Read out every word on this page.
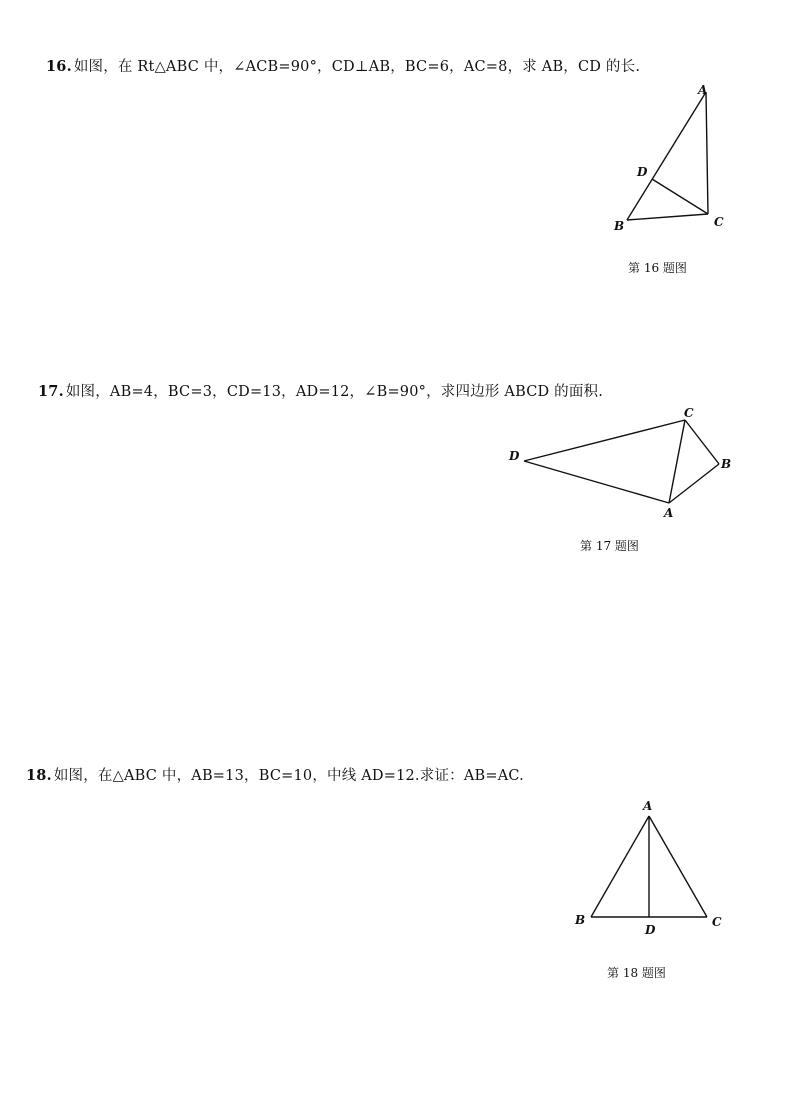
16. 如图，在 Rt△ABC 中，∠ACB=90°，CD⊥AB，BC=6，AC=8，求 AB，CD 的长.
A
D
B	C
第 16 题图
17. 如图，AB=4，BC=3，CD=13，AD=12，∠B=90°，求四边形 ABCD 的面积.
C
D
B
A
第 17 题图
18. 如图，在△ABC 中，AB=13，BC=10，中线 AD=12.求证：AB=AC.
A
B
D
C
第 18 题图
